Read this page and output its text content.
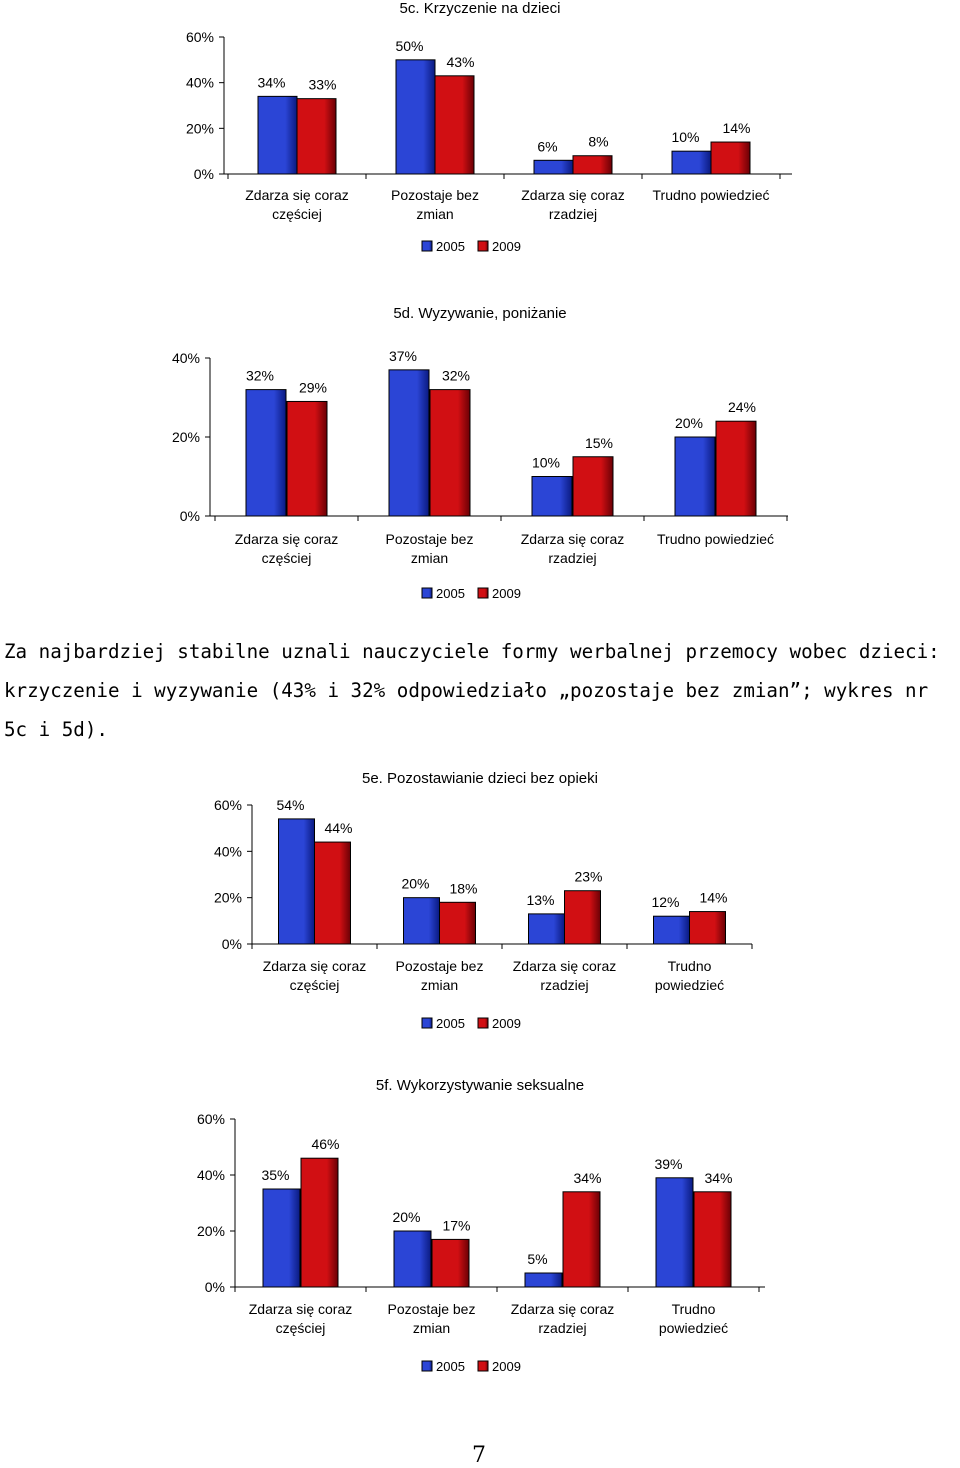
5c. Krzyczenie na dzieci
0%
20%
40%
60%
34% 33%
Zdarza się coraz
częściej
50%
43%
Pozostaje bez
zmian
6% 8%
Zdarza się coraz
rzadziej
10%
14%
Trudno powiedzieć
2005 2009
5d. Wyzywanie, poniżanie
0%
20%
40%
32%
29%
Zdarza się coraz
częściej
37%
32%
Pozostaje bez
zmian
10%
15%
Zdarza się coraz
rzadziej
20%
24%
Trudno powiedzieć
2005 2009

Za najbardziej stabilne uznali nauczyciele formy werbalnej przemocy wobec dzieci: krzyczenie i wyzywanie (43% i 32% odpowiedziało „pozostaje bez zmian”; wykres nr 5c i 5d).

5e. Pozostawianie dzieci bez opieki
0%
20%
40%
60% 54%
44%
Zdarza się coraz
częściej
20% 18%
Pozostaje bez
zmian
13%
23%
Zdarza się coraz
rzadziej
12% 14%
Trudno
powiedzieć
2005 2009
5f. Wykorzystywanie seksualne
0%
20%
40%
60%
35%
46%
Zdarza się coraz
częściej
20%
17%
Pozostaje bez
zmian
5%
34%
Zdarza się coraz
rzadziej
39%
34%
Trudno
powiedzieć
2005 2009
7
